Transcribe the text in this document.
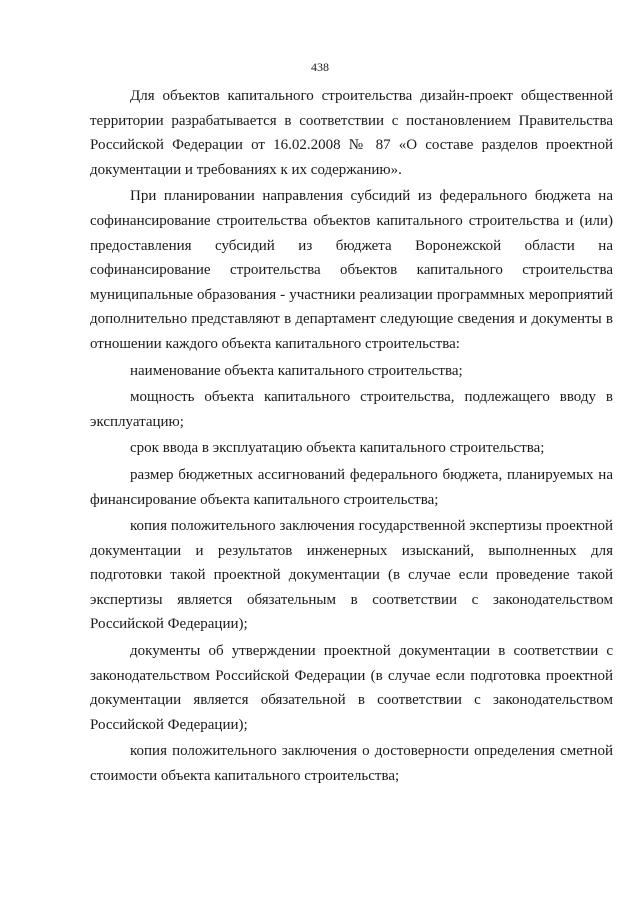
438

Для объектов капитального строительства дизайн-проект общественной территории разрабатывается в соответствии с постановлением Правительства Российской Федерации от 16.02.2008 № 87 «О составе разделов проектной документации и требованиях к их содержанию».

При планировании направления субсидий из федерального бюджета на софинансирование строительства объектов капитального строительства и (или) предоставления субсидий из бюджета Воронежской области на софинансирование строительства объектов капитального строительства муниципальные образования - участники реализации программных мероприятий дополнительно представляют в департамент следующие сведения и документы в отношении каждого объекта капитального строительства:

наименование объекта капитального строительства;

мощность объекта капитального строительства, подлежащего вводу в эксплуатацию;

срок ввода в эксплуатацию объекта капитального строительства;

размер бюджетных ассигнований федерального бюджета, планируемых на финансирование объекта капитального строительства;

копия положительного заключения государственной экспертизы проектной документации и результатов инженерных изысканий, выполненных для подготовки такой проектной документации (в случае если проведение такой экспертизы является обязательным в соответствии с законодательством Российской Федерации);

документы об утверждении проектной документации в соответствии с законодательством Российской Федерации (в случае если подготовка проектной документации является обязательной в соответствии с законодательством Российской Федерации);

копия положительного заключения о достоверности определения сметной стоимости объекта капитального строительства;
